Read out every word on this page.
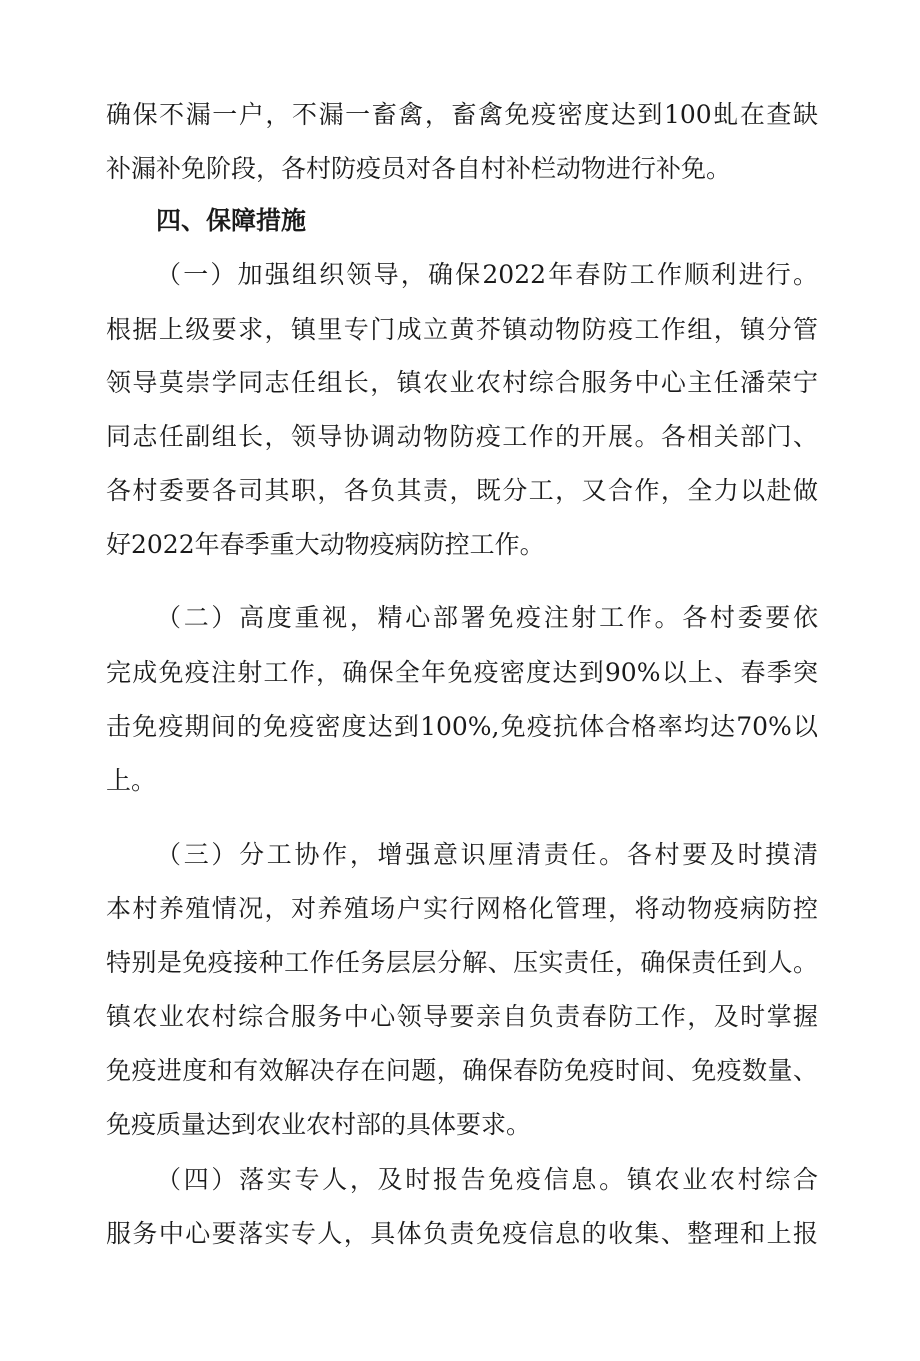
确保不漏一户，不漏一畜禽，畜禽免疫密度达到100虬在查缺
补漏补免阶段，各村防疫员对各自村补栏动物进行补免。
四、保障措施
（一）加强组织领导，确保2022年春防工作顺利进行。
根据上级要求，镇里专门成立黄芥镇动物防疫工作组，镇分管
领导莫崇学同志任组长，镇农业农村综合服务中心主任潘荣宁
同志任副组长，领导协调动物防疫工作的开展。各相关部门、
各村委要各司其职，各负其责，既分工，又合作，全力以赴做
好2022年春季重大动物疫病防控工作。
（二）高度重视，精心部署免疫注射工作。各村委要依
完成免疫注射工作，确保全年免疫密度达到90%以上、春季突
击免疫期间的免疫密度达到100%,免疫抗体合格率均达70%以
上。
（三）分工协作，增强意识厘清责任。各村要及时摸清
本村养殖情况，对养殖场户实行网格化管理，将动物疫病防控
特别是免疫接种工作任务层层分解、压实责任，确保责任到人。
镇农业农村综合服务中心领导要亲自负责春防工作，及时掌握
免疫进度和有效解决存在问题，确保春防免疫时间、免疫数量、
免疫质量达到农业农村部的具体要求。
（四）落实专人，及时报告免疫信息。镇农业农村综合
服务中心要落实专人，具体负责免疫信息的收集、整理和上报
